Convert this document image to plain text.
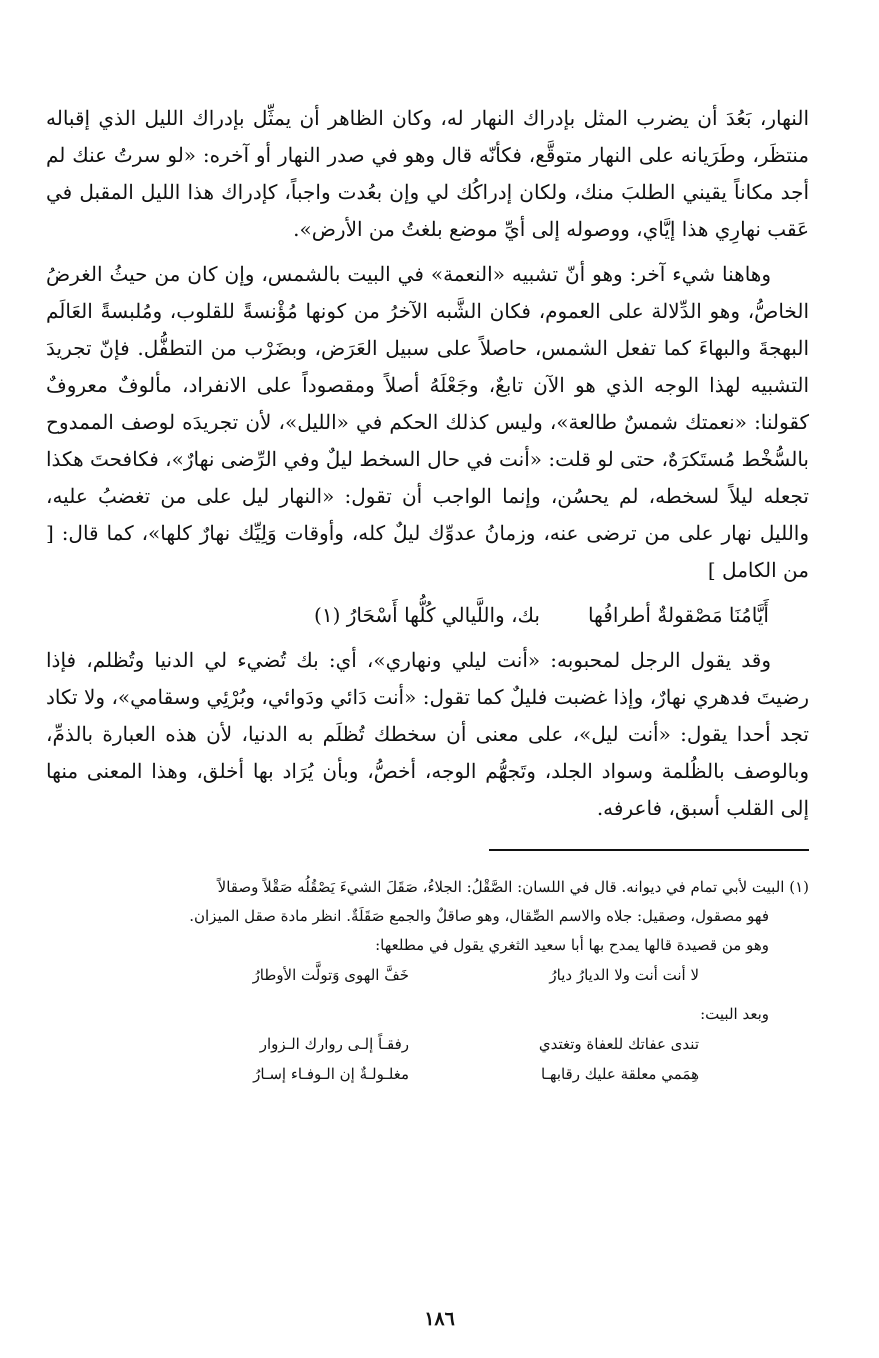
النهار، بَعُدَ أن يضرب المثل بإدراك النهار له، وكان الظاهر أن يمثِّل بإدراك الليل الذي إقباله منتظَر، وطَرَيانه على النهار متوقَّع، فكأنّه قال وهو في صدر النهار أو آخره: «لو سرتُ عنك لم أجد مكاناً يقيني الطلبَ منك، ولكان إدراكُك لي وإن بعُدت واجباً، كإدراك هذا الليل المقبل في عَقب نهارِي هذا إيَّاي، ووصوله إلى أيِّ موضع بلغتُ من الأرض».

وهاهنا شيء آخر: وهو أنّ تشبيه «النعمة» في البيت بالشمس، وإن كان من حيثُ الغرضُ الخاصُّ، وهو الدِّلالة على العموم، فكان الشَّبه الآخرُ من كونها مُؤْنسةً للقلوب، ومُلبسةً العَالَم البهجةَ والبهاءَ كما تفعل الشمس، حاصلاً على سبيل العَرَض، وبضَرْب من التطفُّل. فإنّ تجريدَ التشبيه لهذا الوجه الذي هو الآن تابعٌ، وجَعْلَهُ أصلاً ومقصوداً على الانفراد، مألوفٌ معروفٌ كقولنا: «نعمتك شمسٌ طالعة»، وليس كذلك الحكم في «الليل»، لأن تجريدَه لوصف الممدوح بالسُّخْط مُستَكرَهٌ، حتى لو قلت: «أنت في حال السخط ليلٌ وفي الرِّضى نهارٌ»، فكافحتَ هكذا تجعله ليلاً لسخطه، لم يحسُن، وإنما الواجب أن تقول: «النهار ليل على من تغضبُ عليه، والليل نهار على من ترضى عنه، وزمانُ عدوِّك ليلٌ كله، وأوقات وَلِيِّك نهارٌ كلها»، كما قال: [ من الكامل ]

أَيَّامُنَا مَصْقولةٌ أطرافُها
بك، واللَّيالي كُلُّها أَسْحَارُ (١)

وقد يقول الرجل لمحبوبه: «أنت ليلي ونهاري»، أي: بك تُضيء لي الدنيا وتُظلم، فإذا رضيتَ فدهري نهارٌ، وإذا غضبت فليلٌ كما تقول: «أنت دَائي ودَوائي، وبُرْئِي وسقامي»، ولا تكاد تجد أحدا يقول: «أنت ليل»، على معنى أن سخطك تُظلَم به الدنيا، لأن هذه العبارة بالذمِّ، وبالوصف بالظُلمة وسواد الجلد، وتَجهُّم الوجه، أخصُّ، وبأن يُرَاد بها أخلق، وهذا المعنى منها إلى القلب أسبق، فاعرفه.

(١) البيت لأبي تمام في ديوانه. قال في اللسان: الصَّقْلُ: الجلاءُ، صَقَلَ الشيءَ يَصْقُلُه صَقْلاً وصقالاً

فهو مصقول، وصقيل: جلاه والاسم الصِّقال، وهو صاقلٌ والجمع صَقَلَةٌ. انظر مادة صقل الميزان.

وهو من قصيدة قالها يمدح بها أبا سعيد الثغري يقول في مطلعها:

لا أنت أنت ولا الديارُ ديارُ
خَفَّ الهوى وَتولَّت الأوطارُ

وبعد البيت:

تندى عفاتك للعفاة وتغتدي
رفقـاً إلـى روارك الـزوار
هِمَمي معلقة عليك رقابهـا
مغلـولـةٌ إن الـوفـاء إسـارُ
١٨٦
